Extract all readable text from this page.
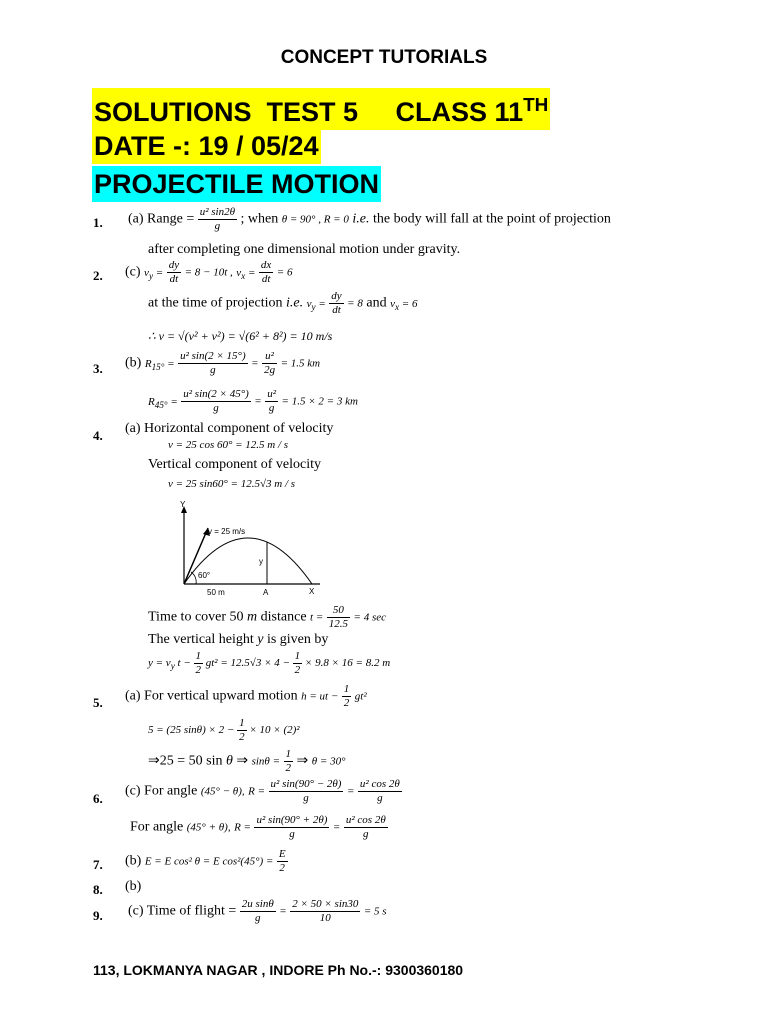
CONCEPT TUTORIALS
SOLUTIONS  TEST 5     CLASS 11TH
DATE -: 19 / 05/24
PROJECTILE MOTION
1. (a) Range = $\frac{\text{u² sin2θ}}{g}$ ; when θ = 90° , R = 0 i.e. the body will fall at the point of projection
after completing one dimensional motion under gravity.
2. (c) $v_y = \frac{dy}{dt} = 8 - 10t$ , $v_x = \frac{dx}{dt} = 6$
at the time of projection i.e. $v_y = \frac{dy}{dt} = 8$ and $v_x = 6$
∴ v = √(v² + v²) = √(6² + 8²) = 10 m/s
3. (b) $R_{15^\circ} = \frac{\text{u² sin(2 × 15°)}}{g} = \frac{\text{u²}}{2g} = 1.5$ km
$R_{45^\circ} = \frac{\text{u² sin(2 × 45°)}}{g} = \frac{\text{u²}}{g} = 1.5 \times 2 = 3$ km
4. (a) Horizontal component of velocity
v = 25 cos 60° = 12.5 m / s
Vertical component of velocity
v = 25 sin60° = 12.5√3 m / s
Y
X
v = 25 m/s
60°
y
50 m	A
Time to cover 50 m distance $t = \frac{50}{12.5} = 4$ sec
The vertical height y is given by
$y = v_y$ $t - \frac{1}{2} gt^2 = 12.5√3 \times 4 - \frac{1}{2} \times 9.8 \times 16 = 8.2$ m
5. (a) For vertical upward motion h = ut − $\frac{1}{2} gt^2$
5 = (25 $\sin\theta) \times 2 - \frac{1}{2} \times 10 \times (2)^2$
⇒25 = 50 sin θ ⇒ $\sin\theta = \frac{1}{2}$ ⇒ θ = 30°
6. (c) For angle (45° − θ), $R = \frac{\text{u² sin(90° − 2θ)}}{g} = \frac{\text{u² cos 2θ}}{g}$
For angle (45° + θ), $R = \frac{\text{u² sin(90° + 2θ)}}{g} = \frac{\text{u² cos 2θ}}{g}$
7. (b) E = E cos² θ = E $\cos^2(45^\circ) = \frac{E}{2}$
8. (b)
9. (c) Time of flight = $\frac{\text{2u sinθ}}{g} = \frac{2 \times 50 \times \sin 30}{10} = 5$ s
113, LOKMANYA NAGAR , INDORE Ph No.-: 9300360180
